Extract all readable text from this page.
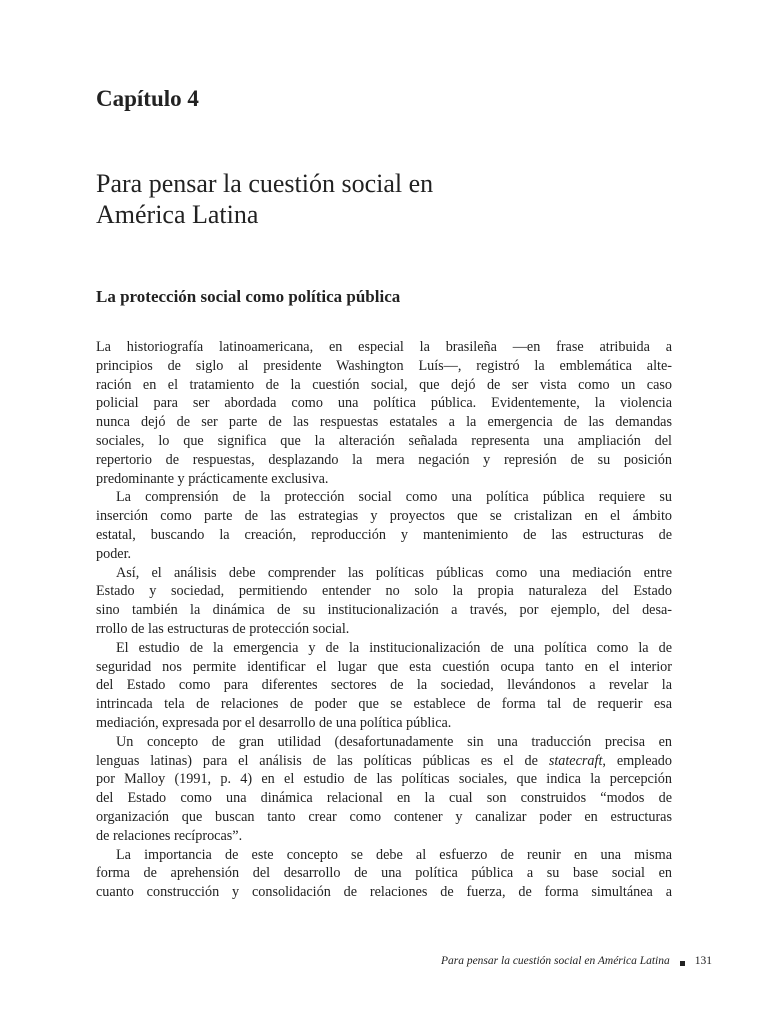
Capítulo 4
Para pensar la cuestión social en
América Latina
La protección social como política pública

La historiografía latinoamericana, en especial la brasileña —en frase atribuida a
principios de siglo al presidente Washington Luís—, registró la emblemática alte-
ración en el tratamiento de la cuestión social, que dejó de ser vista como un caso
policial para ser abordada como una política pública. Evidentemente, la violencia
nunca dejó de ser parte de las respuestas estatales a la emergencia de las demandas
sociales, lo que significa que la alteración señalada representa una ampliación del
repertorio de respuestas, desplazando la mera negación y represión de su posición
predominante y prácticamente exclusiva.

La comprensión de la protección social como una política pública requiere su
inserción como parte de las estrategias y proyectos que se cristalizan en el ámbito
estatal, buscando la creación, reproducción y mantenimiento de las estructuras de
poder.

Así, el análisis debe comprender las políticas públicas como una mediación entre
Estado y sociedad, permitiendo entender no solo la propia naturaleza del Estado
sino también la dinámica de su institucionalización a través, por ejemplo, del desa-
rrollo de las estructuras de protección social.

El estudio de la emergencia y de la institucionalización de una política como la de
seguridad nos permite identificar el lugar que esta cuestión ocupa tanto en el interior
del Estado como para diferentes sectores de la sociedad, llevándonos a revelar la
intrincada tela de relaciones de poder que se establece de forma tal de requerir esa
mediación, expresada por el desarrollo de una política pública.

Un concepto de gran utilidad (desafortunadamente sin una traducción precisa en
lenguas latinas) para el análisis de las políticas públicas es el de statecraft, empleado
por Malloy (1991, p. 4) en el estudio de las políticas sociales, que indica la percepción
del Estado como una dinámica relacional en la cual son construidos “modos de
organización que buscan tanto crear como contener y canalizar poder en estructuras
de relaciones recíprocas”.

La importancia de este concepto se debe al esfuerzo de reunir en una misma
forma de aprehensión del desarrollo de una política pública a su base social en
cuanto construcción y consolidación de relaciones de fuerza, de forma simultánea a

Para pensar la cuestión social en América Latina 131
